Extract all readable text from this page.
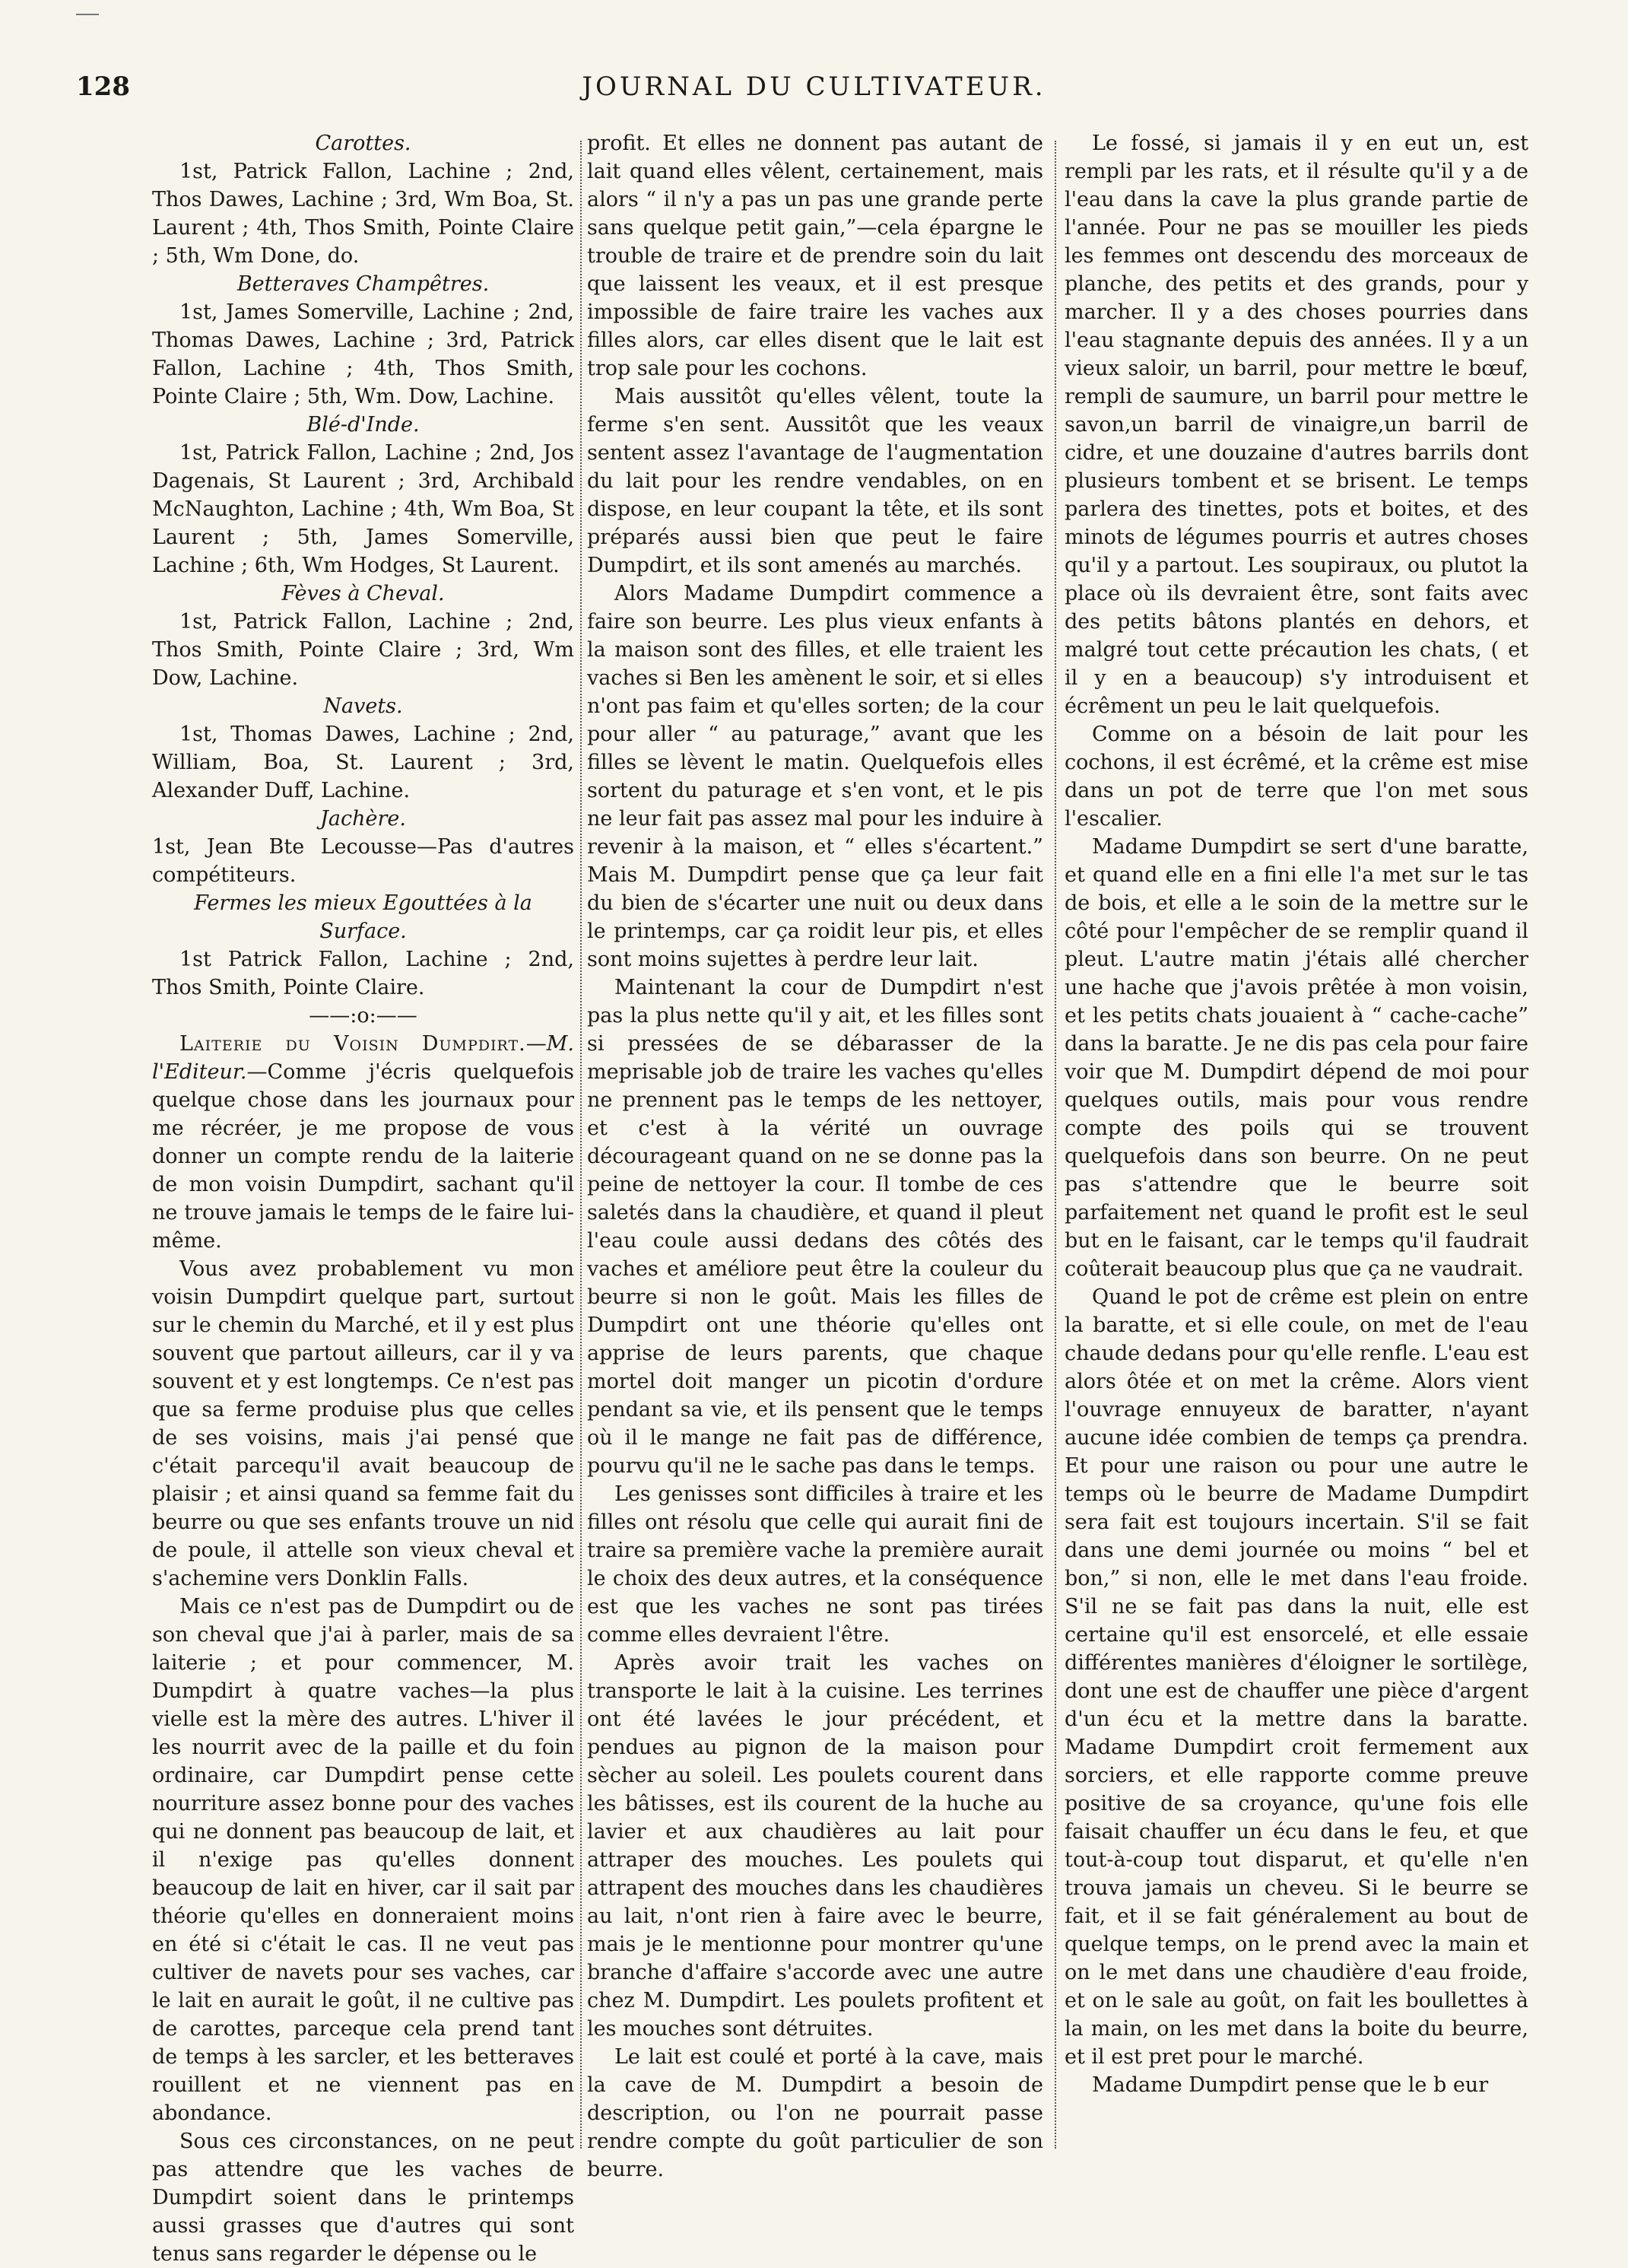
128	JOURNAL DU CULTIVATEUR.

Carottes.

1st, Patrick Fallon, Lachine ; 2nd, Thos Dawes, Lachine ; 3rd, Wm Boa, St. Laurent ; 4th, Thos Smith, Pointe Claire ; 5th, Wm Done, do.

Betteraves Champêtres.

1st, James Somerville, Lachine ; 2nd, Thomas Dawes, Lachine ; 3rd, Patrick Fallon, Lachine ; 4th, Thos Smith, Pointe Claire ; 5th, Wm. Dow, Lachine.

Blé-d'Inde.

1st, Patrick Fallon, Lachine ; 2nd, Jos Dagenais, St Laurent ; 3rd, Archibald McNaughton, Lachine ; 4th, Wm Boa, St Laurent ; 5th, James Somerville, Lachine ; 6th, Wm Hodges, St Laurent.

Fèves à Cheval.

1st, Patrick Fallon, Lachine ; 2nd, Thos Smith, Pointe Claire ; 3rd, Wm Dow, Lachine.

Navets.

1st, Thomas Dawes, Lachine ; 2nd, William, Boa, St. Laurent ; 3rd, Alexander Duff, Lachine.

Jachère.

1st, Jean Bte Lecousse—Pas d'autres compétiteurs.

Fermes les mieux Egouttées à la Surface.

1st Patrick Fallon, Lachine ; 2nd, Thos Smith, Pointe Claire.

——:o:——

Laiterie du Voisin Dumpdirt.—M. l'Editeur.—Comme j'écris quelquefois quelque chose dans les journaux pour me récréer, je me propose de vous donner un compte rendu de la laiterie de mon voisin Dumpdirt, sachant qu'il ne trouve jamais le temps de le faire lui-même.

Vous avez probablement vu mon voisin Dumpdirt quelque part, surtout sur le chemin du Marché, et il y est plus souvent que partout ailleurs, car il y va souvent et y est longtemps. Ce n'est pas que sa ferme produise plus que celles de ses voisins, mais j'ai pensé que c'était parcequ'il avait beaucoup de plaisir ; et ainsi quand sa femme fait du beurre ou que ses enfants trouve un nid de poule, il attelle son vieux cheval et s'achemine vers Donklin Falls.

Mais ce n'est pas de Dumpdirt ou de son cheval que j'ai à parler, mais de sa laiterie ; et pour commencer, M. Dumpdirt à quatre vaches—la plus vielle est la mère des autres. L'hiver il les nourrit avec de la paille et du foin ordinaire, car Dumpdirt pense cette nourriture assez bonne pour des vaches qui ne donnent pas beaucoup de lait, et il n'exige pas qu'elles donnent beaucoup de lait en hiver, car il sait par théorie qu'elles en donneraient moins en été si c'était le cas. Il ne veut pas cultiver de navets pour ses vaches, car le lait en aurait le goût, il ne cultive pas de carottes, parceque cela prend tant de temps à les sarcler, et les betteraves rouillent et ne viennent pas en abondance.

Sous ces circonstances, on ne peut pas attendre que les vaches de Dumpdirt soient dans le printemps aussi grasses que d'autres qui sont tenus sans regarder le dépense ou le

profit. Et elles ne donnent pas autant de lait quand elles vêlent, certainement, mais alors “ il n'y a pas un pas une grande perte sans quelque petit gain,”—cela épargne le trouble de traire et de prendre soin du lait que laissent les veaux, et il est presque impossible de faire traire les vaches aux filles alors, car elles disent que le lait est trop sale pour les cochons.

Mais aussitôt qu'elles vêlent, toute la ferme s'en sent. Aussitôt que les veaux sentent assez l'avantage de l'augmentation du lait pour les rendre vendables, on en dispose, en leur coupant la tête, et ils sont préparés aussi bien que peut le faire Dumpdirt, et ils sont amenés au marchés.

Alors Madame Dumpdirt commence a faire son beurre. Les plus vieux enfants à la maison sont des filles, et elle traient les vaches si Ben les amènent le soir, et si elles n'ont pas faim et qu'elles sorten; de la cour pour aller “ au paturage,” avant que les filles se lèvent le matin. Quelquefois elles sortent du paturage et s'en vont, et le pis ne leur fait pas assez mal pour les induire à revenir à la maison, et “ elles s'écartent.” Mais M. Dumpdirt pense que ça leur fait du bien de s'écarter une nuit ou deux dans le printemps, car ça roidit leur pis, et elles sont moins sujettes à perdre leur lait.

Maintenant la cour de Dumpdirt n'est pas la plus nette qu'il y ait, et les filles sont si pressées de se débarasser de la meprisable job de traire les vaches qu'elles ne prennent pas le temps de les nettoyer, et c'est à la vérité un ouvrage décourageant quand on ne se donne pas la peine de nettoyer la cour. Il tombe de ces saletés dans la chaudière, et quand il pleut l'eau coule aussi dedans des côtés des vaches et améliore peut être la couleur du beurre si non le goût. Mais les filles de Dumpdirt ont une théorie qu'elles ont apprise de leurs parents, que chaque mortel doit manger un picotin d'ordure pendant sa vie, et ils pensent que le temps où il le mange ne fait pas de différence, pourvu qu'il ne le sache pas dans le temps.

Les genisses sont difficiles à traire et les filles ont résolu que celle qui aurait fini de traire sa première vache la première aurait le choix des deux autres, et la conséquence est que les vaches ne sont pas tirées comme elles devraient l'être.

Après avoir trait les vaches on transporte le lait à la cuisine. Les terrines ont été lavées le jour précédent, et pendues au pignon de la maison pour sècher au soleil. Les poulets courent dans les bâtisses, est ils courent de la huche au lavier et aux chaudières au lait pour attraper des mouches. Les poulets qui attrapent des mouches dans les chaudières au lait, n'ont rien à faire avec le beurre, mais je le mentionne pour montrer qu'une branche d'affaire s'accorde avec une autre chez M. Dumpdirt. Les poulets profitent et les mouches sont détruites.

Le lait est coulé et porté à la cave, mais la cave de M. Dumpdirt a besoin de description, ou l'on ne pourrait passe rendre compte du goût particulier de son beurre.

Le fossé, si jamais il y en eut un, est rempli par les rats, et il résulte qu'il y a de l'eau dans la cave la plus grande partie de l'année. Pour ne pas se mouiller les pieds les femmes ont descendu des morceaux de planche, des petits et des grands, pour y marcher. Il y a des choses pourries dans l'eau stagnante depuis des années. Il y a un vieux saloir, un barril, pour mettre le bœuf, rempli de saumure, un barril pour mettre le savon,un barril de vinaigre,un barril de cidre, et une douzaine d'autres barrils dont plusieurs tombent et se brisent. Le temps parlera des tinettes, pots et boites, et des minots de légumes pourris et autres choses qu'il y a partout. Les soupiraux, ou plutot la place où ils devraient être, sont faits avec des petits bâtons plantés en dehors, et malgré tout cette précaution les chats, ( et il y en a beaucoup) s'y introduisent et écrêment un peu le lait quelquefois.

Comme on a bésoin de lait pour les cochons, il est écrêmé, et la crême est mise dans un pot de terre que l'on met sous l'escalier.

Madame Dumpdirt se sert d'une baratte, et quand elle en a fini elle l'a met sur le tas de bois, et elle a le soin de la mettre sur le côté pour l'empêcher de se remplir quand il pleut. L'autre matin j'étais allé chercher une hache que j'avois prêtée à mon voisin, et les petits chats jouaient à “ cache-cache” dans la baratte. Je ne dis pas cela pour faire voir que M. Dumpdirt dépend de moi pour quelques outils, mais pour vous rendre compte des poils qui se trouvent quelquefois dans son beurre. On ne peut pas s'attendre que le beurre soit parfaitement net quand le profit est le seul but en le faisant, car le temps qu'il faudrait coûterait beaucoup plus que ça ne vaudrait.

Quand le pot de crême est plein on entre la baratte, et si elle coule, on met de l'eau chaude dedans pour qu'elle renfle. L'eau est alors ôtée et on met la crême. Alors vient l'ouvrage ennuyeux de baratter, n'ayant aucune idée combien de temps ça prendra. Et pour une raison ou pour une autre le temps où le beurre de Madame Dumpdirt sera fait est toujours incertain. S'il se fait dans une demi journée ou moins “ bel et bon,” si non, elle le met dans l'eau froide. S'il ne se fait pas dans la nuit, elle est certaine qu'il est ensorcelé, et elle essaie différentes manières d'éloigner le sortilège, dont une est de chauffer une pièce d'argent d'un écu et la mettre dans la baratte. Madame Dumpdirt croit fermement aux sorciers, et elle rapporte comme preuve positive de sa croyance, qu'une fois elle faisait chauffer un écu dans le feu, et que tout-à-coup tout disparut, et qu'elle n'en trouva jamais un cheveu. Si le beurre se fait, et il se fait généralement au bout de quelque temps, on le prend avec la main et on le met dans une chaudière d'eau froide, et on le sale au goût, on fait les boullettes à la main, on les met dans la boite du beurre, et il est pret pour le marché.

Madame Dumpdirt pense que le b eur
